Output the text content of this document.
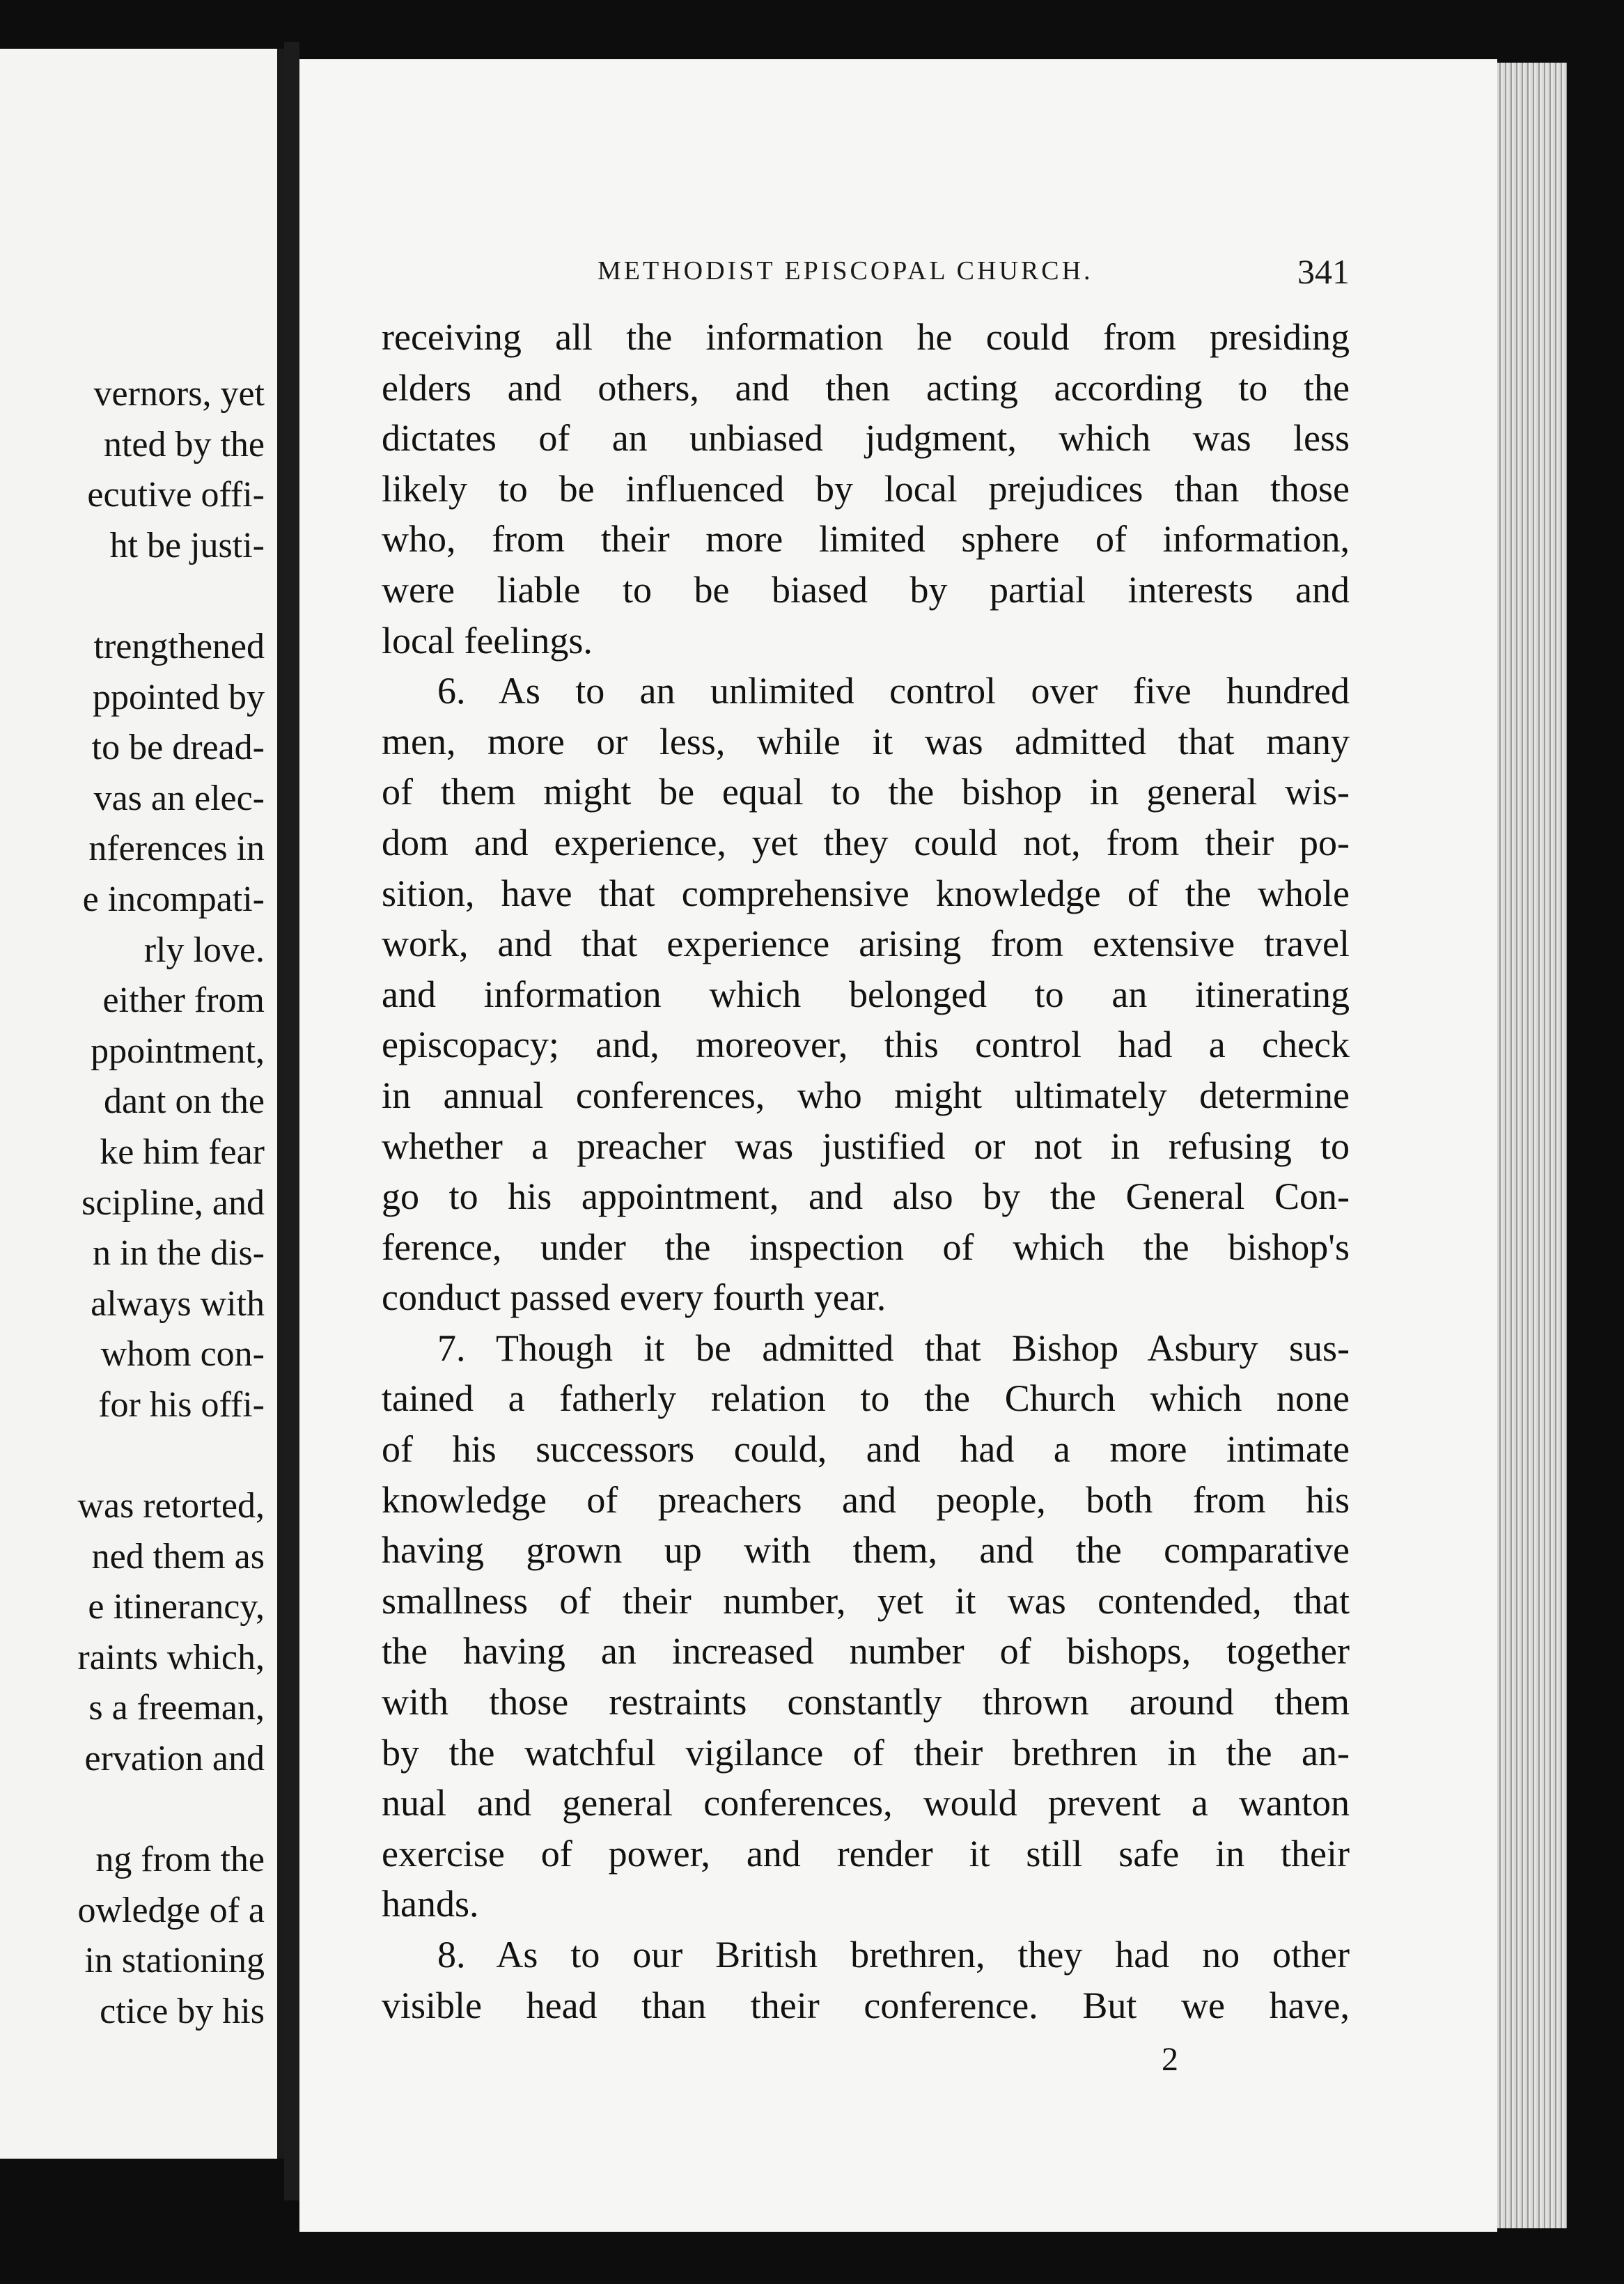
vernors, yet
nted by the
ecutive offi-
ht be justi-
trengthened
ppointed by
to be dread-
vas an elec-
nferences in
e incompati-
rly love.
either from
ppointment,
dant on the
ke him fear
scipline, and
n in the dis-
always with
whom con-
for his offi-
was retorted,
ned them as
e itinerancy,
raints which,
s a freeman,
ervation and
ng from the
owledge of a
in stationing
ctice by his
METHODIST EPISCOPAL CHURCH.	341
receiving all the information he could from presiding
elders and others, and then acting according to the
dictates of an unbiased judgment, which was less
likely to be influenced by local prejudices than those
who, from their more limited sphere of information,
were liable to be biased by partial interests and
local feelings.
6. As to an unlimited control over five hundred
men, more or less, while it was admitted that many
of them might be equal to the bishop in general wis-
dom and experience, yet they could not, from their po-
sition, have that comprehensive knowledge of the whole
work, and that experience arising from extensive travel
and information which belonged to an itinerating
episcopacy; and, moreover, this control had a check
in annual conferences, who might ultimately determine
whether a preacher was justified or not in refusing to
go to his appointment, and also by the General Con-
ference, under the inspection of which the bishop's
conduct passed every fourth year.
7. Though it be admitted that Bishop Asbury sus-
tained a fatherly relation to the Church which none
of his successors could, and had a more intimate
knowledge of preachers and people, both from his
having grown up with them, and the comparative
smallness of their number, yet it was contended, that
the having an increased number of bishops, together
with those restraints constantly thrown around them
by the watchful vigilance of their brethren in the an-
nual and general conferences, would prevent a wanton
exercise of power, and render it still safe in their
hands.
8. As to our British brethren, they had no other
visible head than their conference. But we have,
2
